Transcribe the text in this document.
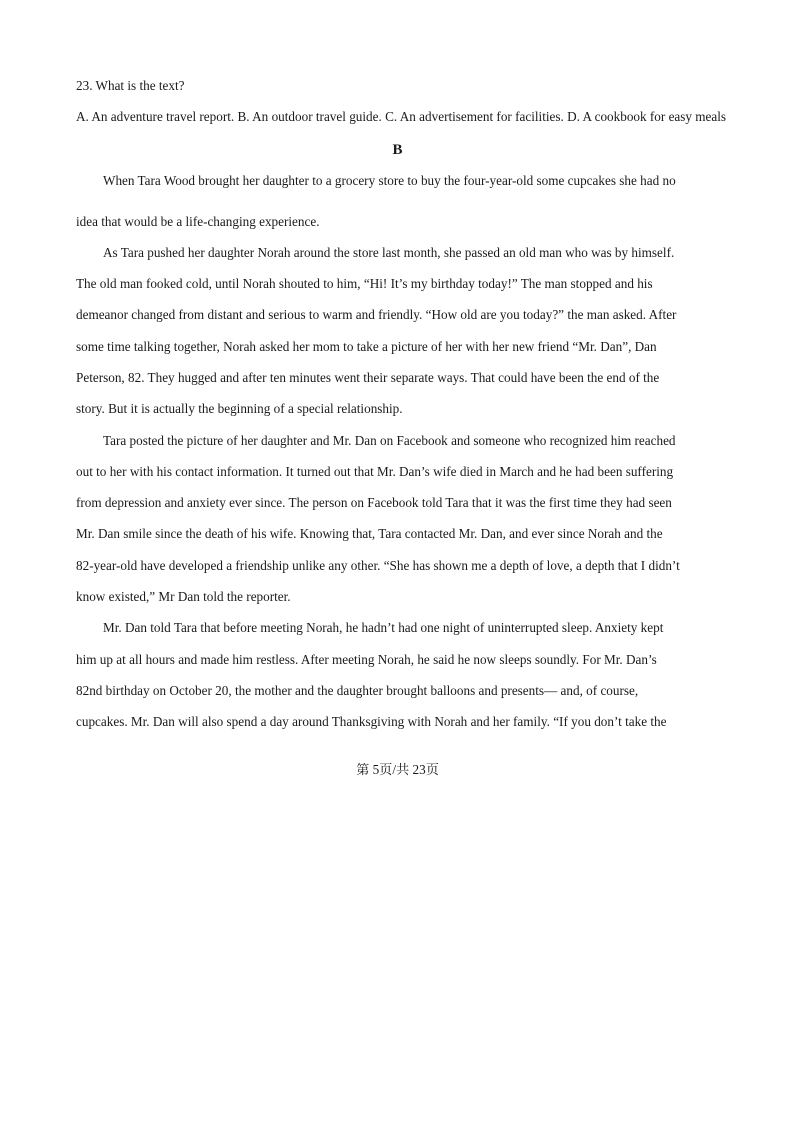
23. What is the text?
A. An adventure travel report. B. An outdoor travel guide. C. An advertisement for facilities. D. A cookbook for easy meals
B
When Tara Wood brought her daughter to a grocery store to buy the four-year-old some cupcakes she had no
idea that would be a life-changing experience.
As Tara pushed her daughter Norah around the store last month, she passed an old man who was by himself.
The old man fooked cold, until Norah shouted to him, “Hi! It’s my birthday today!” The man stopped and his
demeanor changed from distant and serious to warm and friendly. “How old are you today?” the man asked. After
some time talking together, Norah asked her mom to take a picture of her with her new friend “Mr. Dan”, Dan
Peterson, 82. They hugged and after ten minutes went their separate ways. That could have been the end of the
story. But it is actually the beginning of a special relationship.
Tara posted the picture of her daughter and Mr. Dan on Facebook and someone who recognized him reached
out to her with his contact information. It turned out that Mr. Dan’s wife died in March and he had been suffering
from depression and anxiety ever since. The person on Facebook told Tara that it was the first time they had seen
Mr. Dan smile since the death of his wife. Knowing that, Tara contacted Mr. Dan, and ever since Norah and the
82-year-old have developed a friendship unlike any other. “She has shown me a depth of love, a depth that I didn’t
know existed,” Mr Dan told the reporter.
Mr. Dan told Tara that before meeting Norah, he hadn’t had one night of uninterrupted sleep. Anxiety kept
him up at all hours and made him restless. After meeting Norah, he said he now sleeps soundly. For Mr. Dan’s
82nd birthday on October 20, the mother and the daughter brought balloons and presents— and, of course,
cupcakes. Mr. Dan will also spend a day around Thanksgiving with Norah and her family. “If you don’t take the
第 5页/共 23页
